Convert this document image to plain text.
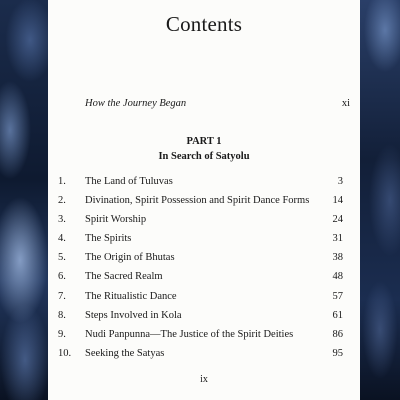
Contents
How the Journey Began	xi
PART 1
In Search of Satyolu
1.	The Land of Tuluvas	3
2.	Divination, Spirit Possession and Spirit Dance Forms	14
3.	Spirit Worship	24
4.	The Spirits	31
5.	The Origin of Bhutas	38
6.	The Sacred Realm	48
7.	The Ritualistic Dance	57
8.	Steps Involved in Kola	61
9.	Nudi Panpunna—The Justice of the Spirit Deities	86
10.	Seeking the Satyas	95
ix
